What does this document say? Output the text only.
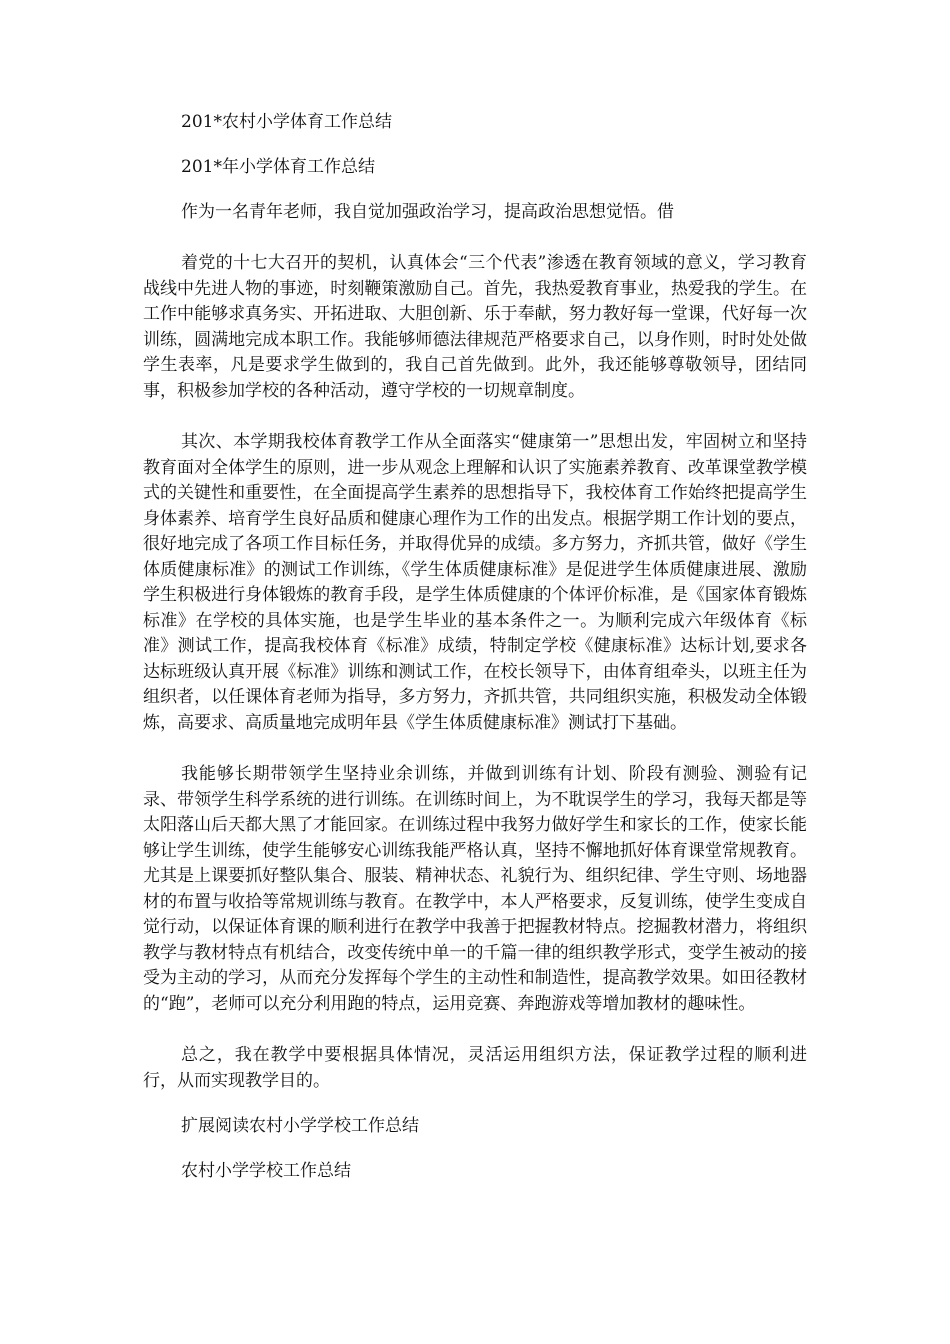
201*农村小学体育工作总结

201*年小学体育工作总结

作为一名青年老师，我自觉加强政治学习，提高政治思想觉悟。借

着党的十七大召开的契机，认真体会“三个代表”渗透在教育领域的意义，学习教育战线中先进人物的事迹，时刻鞭策激励自己。首先，我热爱教育事业，热爱我的学生。在工作中能够求真务实、开拓进取、大胆创新、乐于奉献，努力教好每一堂课，代好每一次训练，圆满地完成本职工作。我能够师德法律规范严格要求自己，以身作则，时时处处做学生表率，凡是要求学生做到的，我自己首先做到。此外，我还能够尊敬领导，团结同事，积极参加学校的各种活动，遵守学校的一切规章制度。

其次、本学期我校体育教学工作从全面落实“健康第一”思想出发，牢固树立和坚持教育面对全体学生的原则，进一步从观念上理解和认识了实施素养教育、改革课堂教学模式的关键性和重要性，在全面提高学生素养的思想指导下，我校体育工作始终把提高学生身体素养、培育学生良好品质和健康心理作为工作的出发点。根据学期工作计划的要点，很好地完成了各项工作目标任务，并取得优异的成绩。多方努力，齐抓共管，做好《学生体质健康标准》的测试工作训练，《学生体质健康标准》是促进学生体质健康进展、激励学生积极进行身体锻炼的教育手段，是学生体质健康的个体评价标准，是《国家体育锻炼标准》在学校的具体实施，也是学生毕业的基本条件之一。为顺利完成六年级体育《标准》测试工作，提高我校体育《标准》成绩，特制定学校《健康标准》达标计划,要求各达标班级认真开展《标准》训练和测试工作，在校长领导下，由体育组牵头，以班主任为组织者，以任课体育老师为指导，多方努力，齐抓共管，共同组织实施，积极发动全体锻炼，高要求、高质量地完成明年县《学生体质健康标准》测试打下基础。

我能够长期带领学生坚持业余训练，并做到训练有计划、阶段有测验、测验有记录、带领学生科学系统的进行训练。在训练时间上，为不耽误学生的学习，我每天都是等太阳落山后天都大黑了才能回家。在训练过程中我努力做好学生和家长的工作，使家长能够让学生训练，使学生能够安心训练我能严格认真，坚持不懈地抓好体育课堂常规教育。尤其是上课要抓好整队集合、服装、精神状态、礼貌行为、组织纪律、学生守则、场地器材的布置与收拾等常规训练与教育。在教学中，本人严格要求，反复训练，使学生变成自觉行动，以保证体育课的顺利进行在教学中我善于把握教材特点。挖掘教材潜力，将组织教学与教材特点有机结合，改变传统中单一的千篇一律的组织教学形式，变学生被动的接受为主动的学习，从而充分发挥每个学生的主动性和制造性，提高教学效果。如田径教材的“跑”，老师可以充分利用跑的特点，运用竞赛、奔跑游戏等增加教材的趣味性。

总之，我在教学中要根据具体情况，灵活运用组织方法，保证教学过程的顺利进行，从而实现教学目的。

扩展阅读农村小学学校工作总结

农村小学学校工作总结
